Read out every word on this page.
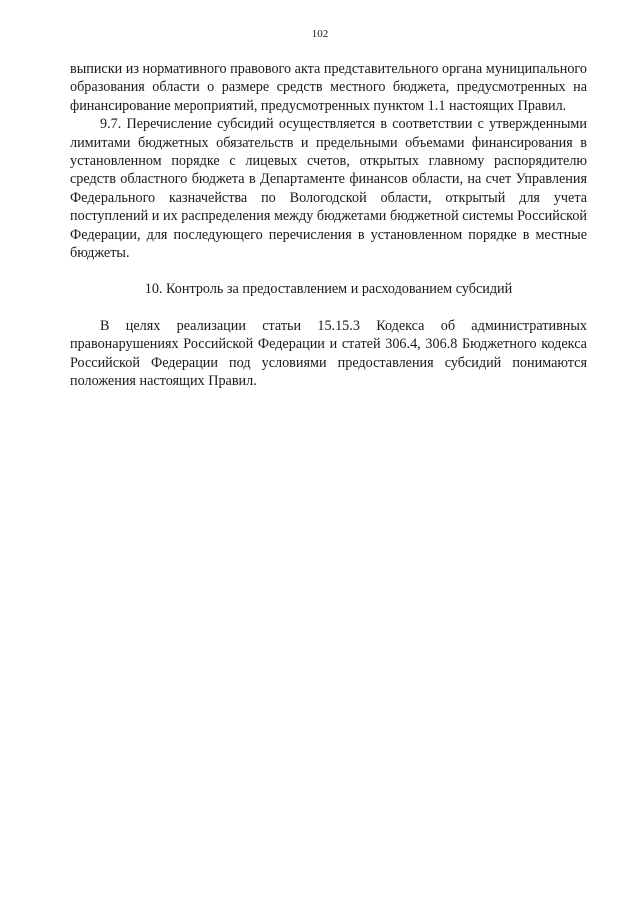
102

выписки из нормативного правового акта представительного органа муниципального образования области о размере средств местного бюджета, предусмотренных на финансирование мероприятий, предусмотренных пунктом 1.1 настоящих Правил.

9.7. Перечисление субсидий осуществляется в соответствии с утвержденными лимитами бюджетных обязательств и предельными объемами финансирования в установленном порядке с лицевых счетов, открытых главному распорядителю средств областного бюджета в Департаменте финансов области, на счет Управления Федерального казначейства по Вологодской области, открытый для учета поступлений и их распределения между бюджетами бюджетной системы Российской Федерации, для последующего перечисления в установленном порядке в местные бюджеты.

10. Контроль за предоставлением и расходованием субсидий

В целях реализации статьи 15.15.3 Кодекса об административных правонарушениях Российской Федерации и статей 306.4, 306.8 Бюджетного кодекса Российской Федерации под условиями предоставления субсидий понимаются положения настоящих Правил.
